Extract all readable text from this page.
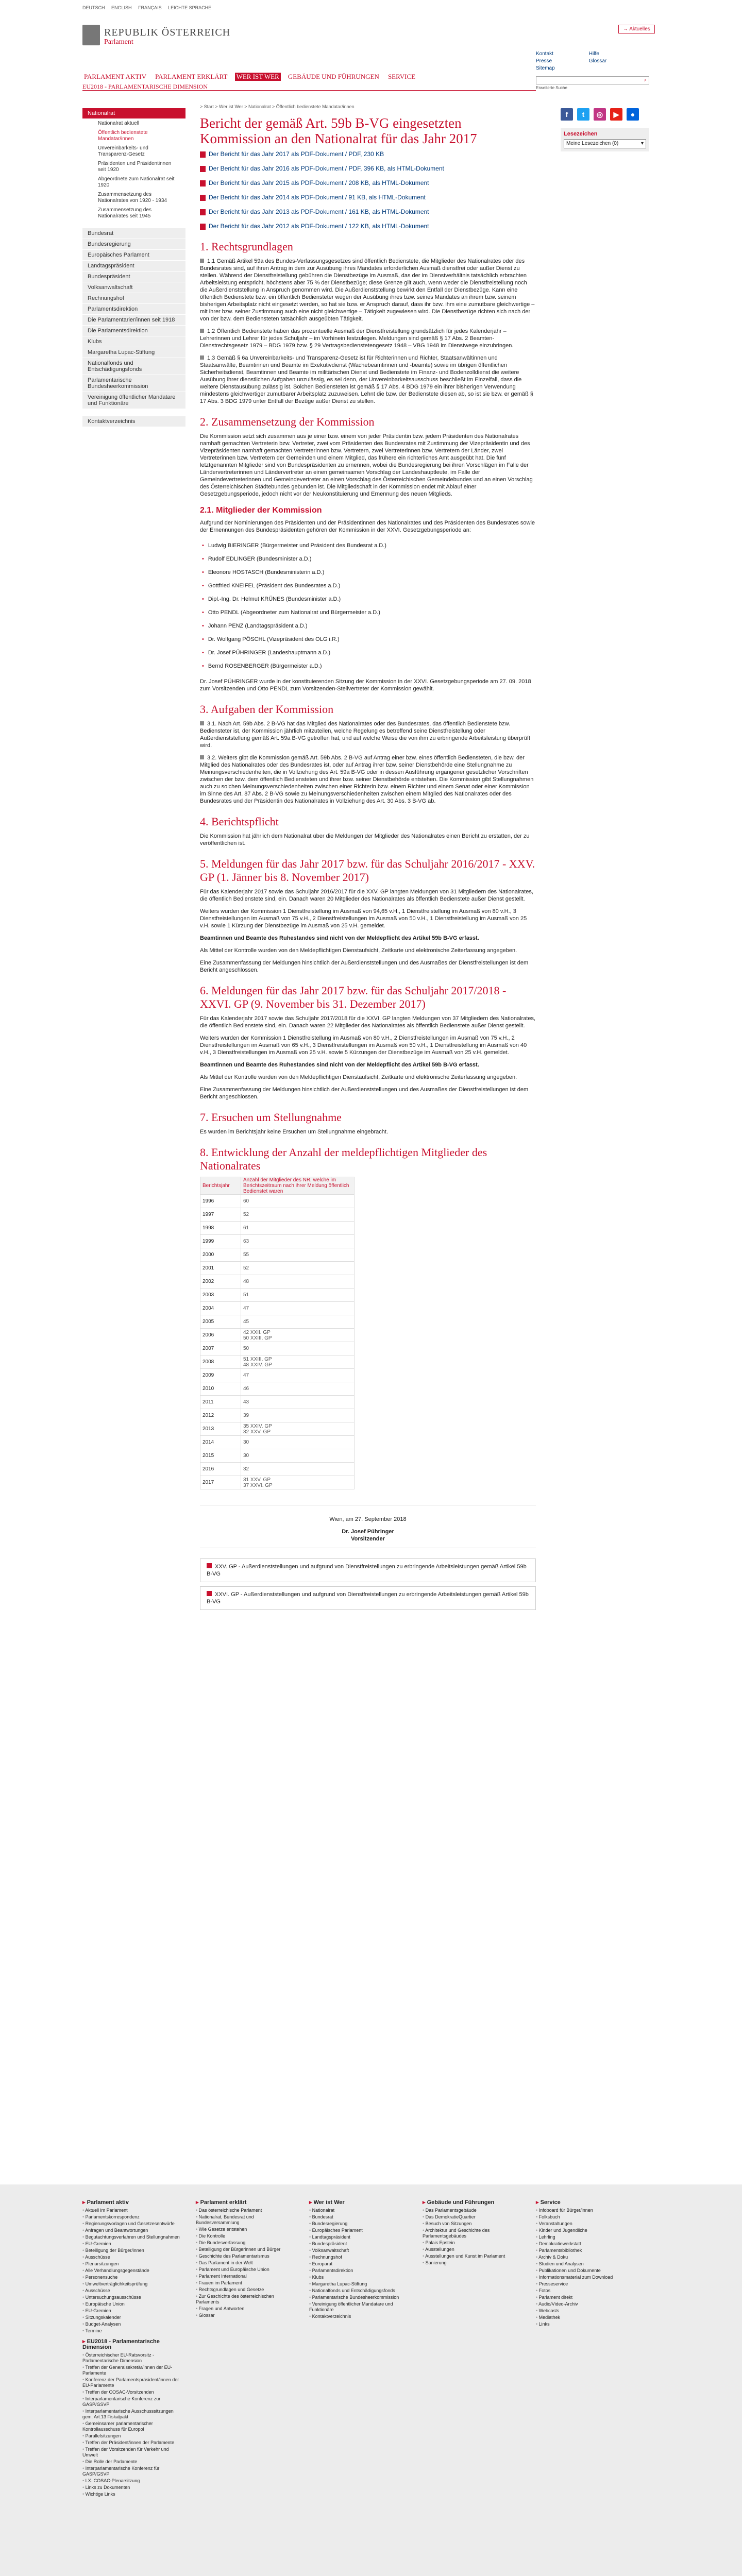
DEUTSCH ENGLISH FRANÇAIS LEICHTE SPRACHE
REPUBLIK ÖSTERREICH
Parlament
→ Aktuelles
Kontakt
Presse
Sitemap Hilfe
Glossar
⌕
Erweiterte Suche
PARLAMENT AKTIV PARLAMENT ERKLÄRT WER IST WER GEBÄUDE UND FÜHRUNGEN SERVICE
EU2018 - PARLAMENTARISCHE DIMENSION
Nationalrat
Nationalrat aktuell
Öffentlich bedienstete Mandatar/innen
Unvereinbarkeits- und Transparenz-Gesetz
Präsidenten und Präsidentinnen seit 1920
Abgeordnete zum Nationalrat seit 1920
Zusammensetzung des Nationalrates von 1920 - 1934
Zusammensetzung des Nationalrates seit 1945
Bundesrat
Bundesregierung
Europäisches Parlament
Landtagspräsident
Bundespräsident
Volksanwaltschaft
Rechnungshof
Parlamentsdirektion
Die Parlamentarier/innen seit 1918
Die Parlamentsdirektion
Klubs
Margaretha Lupac-Stiftung
Nationalfonds und Entschädigungsfonds
Parlamentarische Bundesheerkommission
Vereinigung öffentlicher Mandatare und Funktionäre
Kontaktverzeichnis
> Start > Wer ist Wer > Nationalrat > Öffentlich bedienstete Mandatar/innen
Bericht der gemäß Art. 59b B-VG eingesetzten Kommission an den Nationalrat für das Jahr 2017
Der Bericht für das Jahr 2017 als PDF-Dokument / PDF, 230 KB
Der Bericht für das Jahr 2016 als PDF-Dokument / PDF, 396 KB, als HTML-Dokument
Der Bericht für das Jahr 2015 als PDF-Dokument / 208 KB, als HTML-Dokument
Der Bericht für das Jahr 2014 als PDF-Dokument / 91 KB, als HTML-Dokument
Der Bericht für das Jahr 2013 als PDF-Dokument / 161 KB, als HTML-Dokument
Der Bericht für das Jahr 2012 als PDF-Dokument / 122 KB, als HTML-Dokument
1. Rechtsgrundlagen
1.1 Gemäß Artikel 59a des Bundes-Verfassungsgesetzes sind öffentlich Bedienstete, die Mitglieder des Nationalrates oder des Bundesrates sind, auf ihren Antrag in dem zur Ausübung ihres Mandates erforderlichen Ausmaß dienstfrei oder außer Dienst zu stellen. Während der Dienstfreistellung gebühren die Dienstbezüge im Ausmaß, das der im Dienstverhältnis tatsächlich erbrachten Arbeitsleistung entspricht, höchstens aber 75 % der Dienstbezüge; diese Grenze gilt auch, wenn weder die Dienstfreistellung noch die Außerdienststellung in Anspruch genommen wird. Die Außerdienststellung bewirkt den Entfall der Dienstbezüge. Kann eine öffentlich Bedienstete bzw. ein öffentlich Bediensteter wegen der Ausübung ihres bzw. seines Mandates an ihrem bzw. seinem bisherigen Arbeitsplatz nicht eingesetzt werden, so hat sie bzw. er Anspruch darauf, dass ihr bzw. ihm eine zumutbare gleichwertige – mit ihrer bzw. seiner Zustimmung auch eine nicht gleichwertige – Tätigkeit zugewiesen wird. Die Dienstbezüge richten sich nach der von der bzw. dem Bediensteten tatsächlich ausgeübten Tätigkeit.
1.2 Öffentlich Bedienstete haben das prozentuelle Ausmaß der Dienstfreistellung grundsätzlich für jedes Kalenderjahr – Lehrerinnen und Lehrer für jedes Schuljahr – im Vorhinein festzulegen. Meldungen sind gemäß § 17 Abs. 2 Beamten-Dienstrechtsgesetz 1979 – BDG 1979 bzw. § 29 Vertragsbedienstetengesetz 1948 – VBG 1948 im Dienstwege einzubringen.
1.3 Gemäß § 6a Unvereinbarkeits- und Transparenz-Gesetz ist für Richterinnen und Richter, Staatsanwältinnen und Staatsanwälte, Beamtinnen und Beamte im Exekutivdienst (Wachebeamtinnen und -beamte) sowie im übrigen öffentlichen Sicherheitsdienst, Beamtinnen und Beamte im militärischen Dienst und Bedienstete im Finanz- und Bodenzolldienst die weitere Ausübung ihrer dienstlichen Aufgaben unzulässig, es sei denn, der Unvereinbarkeitsausschuss beschließt im Einzelfall, dass die weitere Dienstausübung zulässig ist. Solchen Bediensteten ist gemäß § 17 Abs. 4 BDG 1979 ein ihrer bisherigen Verwendung mindestens gleichwertiger zumutbarer Arbeitsplatz zuzuweisen. Lehnt die bzw. der Bedienstete diesen ab, so ist sie bzw. er gemäß § 17 Abs. 3 BDG 1979 unter Entfall der Bezüge außer Dienst zu stellen.
2. Zusammensetzung der Kommission

Die Kommission setzt sich zusammen aus je einer bzw. einem von jeder Präsidentin bzw. jedem Präsidenten des Nationalrates namhaft gemachten Vertreterin bzw. Vertreter, zwei vom Präsidenten des Bundesrates mit Zustimmung der Vizepräsidentin und des Vizepräsidenten namhaft gemachten Vertreterinnen bzw. Vertretern, zwei Vertreterinnen bzw. Vertretern der Länder, zwei Vertreterinnen bzw. Vertretern der Gemeinden und einem Mitglied, das frühere ein richterliches Amt ausgeübt hat. Die fünf letztgenannten Mitglieder sind von Bundespräsidenten zu ernennen, wobei die Bundesregierung bei ihren Vorschlägen im Falle der Ländervertreterinnen und Ländervertreter an einen gemeinsamen Vorschlag der Landeshauptleute, im Falle der Gemeindevertreterinnen und Gemeindevertreter an einen Vorschlag des Österreichischen Gemeindebundes und an einen Vorschlag des Österreichischen Städtebundes gebunden ist. Die Mitgliedschaft in der Kommission endet mit Ablauf einer Gesetzgebungsperiode, jedoch nicht vor der Neukonstituierung und Ernennung des neuen Mitglieds.

2.1. Mitglieder der Kommission

Aufgrund der Nominierungen des Präsidenten und der Präsidentinnen des Nationalrates und des Präsidenten des Bundesrates sowie der Ernennungen des Bundespräsidenten gehören der Kommission in der XXVI. Gesetzgebungsperiode an:

• Ludwig BIERINGER (Bürgermeister und Präsident des Bundesrat a.D.)
• Rudolf EDLINGER (Bundesminister a.D.)
• Eleonore HOSTASCH (Bundesministerin a.D.)
• Gottfried KNEIFEL (Präsident des Bundesrates a.D.)
• Dipl.-Ing. Dr. Helmut KRÜNES (Bundesminister a.D.)
• Otto PENDL (Abgeordneter zum Nationalrat und Bürgermeister a.D.)
• Johann PENZ (Landtagspräsident a.D.)
• Dr. Wolfgang PÖSCHL (Vizepräsident des OLG i.R.)
• Dr. Josef PÜHRINGER (Landeshauptmann a.D.)
• Bernd ROSENBERGER (Bürgermeister a.D.)

Dr. Josef PÜHRINGER wurde in der konstituierenden Sitzung der Kommission in der XXVI. Gesetzgebungsperiode am 27. 09. 2018 zum Vorsitzenden und Otto PENDL zum Vorsitzenden-Stellvertreter der Kommission gewählt.

3. Aufgaben der Kommission
3.1. Nach Art. 59b Abs. 2 B-VG hat das Mitglied des Nationalrates oder des Bundesrates, das öffentlich Bedienstete bzw. Bediensteter ist, der Kommission jährlich mitzuteilen, welche Regelung es betreffend seine Dienstfreistellung oder Außerdienststellung gemäß Art. 59a B-VG getroffen hat, und auf welche Weise die von ihm zu erbringende Arbeitsleistung überprüft wird.
3.2. Weiters gibt die Kommission gemäß Art. 59b Abs. 2 B-VG auf Antrag einer bzw. eines öffentlich Bediensteten, die bzw. der Mitglied des Nationalrates oder des Bundesrates ist, oder auf Antrag ihrer bzw. seiner Dienstbehörde eine Stellungnahme zu Meinungsverschiedenheiten, die in Vollziehung des Art. 59a B-VG oder in dessen Ausführung ergangener gesetzlicher Vorschriften zwischen der bzw. dem öffentlich Bediensteten und ihrer bzw. seiner Dienstbehörde entstehen. Die Kommission gibt Stellungnahmen auch zu solchen Meinungsverschiedenheiten zwischen einer Richterin bzw. einem Richter und einem Senat oder einer Kommission im Sinne des Art. 87 Abs. 2 B-VG sowie zu Meinungsverschiedenheiten zwischen einem Mitglied des Nationalrates oder des Bundesrates und der Präsidentin des Nationalrates in Vollziehung des Art. 30 Abs. 3 B-VG ab.
4. Berichtspflicht

Die Kommission hat jährlich dem Nationalrat über die Meldungen der Mitglieder des Nationalrates einen Bericht zu erstatten, der zu veröffentlichen ist.

5. Meldungen für das Jahr 2017 bzw. für das Schuljahr 2016/2017 - XXV. GP (1. Jänner bis 8. November 2017)

Für das Kalenderjahr 2017 sowie das Schuljahr 2016/2017 für die XXV. GP langten Meldungen von 31 Mitgliedern des Nationalrates, die öffentlich Bedienstete sind, ein. Danach waren 20 Mitglieder des Nationalrates als öffentlich Bedienstete außer Dienst gestellt.

Weiters wurden der Kommission 1 Dienstfreistellung im Ausmaß von 94,65 v.H., 1 Dienstfreistellung im Ausmaß von 80 v.H., 3 Dienstfreistellungen im Ausmaß von 75 v.H., 2 Dienstfreistellungen im Ausmaß von 50 v.H., 1 Dienstfreistellung im Ausmaß von 25 v.H. sowie 1 Kürzung der Dienstbezüge im Ausmaß von 25 v.H. gemeldet.

Beamtinnen und Beamte des Ruhestandes sind nicht von der Meldepflicht des Artikel 59b B-VG erfasst.

Als Mittel der Kontrolle wurden von den Meldepflichtigen Dienstaufsicht, Zeitkarte und elektronische Zeiterfassung angegeben.

Eine Zusammenfassung der Meldungen hinsichtlich der Außerdienststellungen und des Ausmaßes der Dienstfreistellungen ist dem Bericht angeschlossen.

6. Meldungen für das Jahr 2017 bzw. für das Schuljahr 2017/2018 - XXVI. GP (9. November bis 31. Dezember 2017)

Für das Kalenderjahr 2017 sowie das Schuljahr 2017/2018 für die XXVI. GP langten Meldungen von 37 Mitgliedern des Nationalrates, die öffentlich Bedienstete sind, ein. Danach waren 22 Mitglieder des Nationalrates als öffentlich Bedienstete außer Dienst gestellt.

Weiters wurden der Kommission 1 Dienstfreistellung im Ausmaß von 80 v.H., 2 Dienstfreistellungen im Ausmaß von 75 v.H., 2 Dienstfreistellungen im Ausmaß von 65 v.H., 3 Dienstfreistellungen im Ausmaß von 50 v.H., 1 Dienstfreistellung im Ausmaß von 40 v.H., 3 Dienstfreistellungen im Ausmaß von 25 v.H. sowie 5 Kürzungen der Dienstbezüge im Ausmaß von 25 v.H. gemeldet.

Beamtinnen und Beamte des Ruhestandes sind nicht von der Meldepflicht des Artikel 59b B-VG erfasst.

Als Mittel der Kontrolle wurden von den Meldepflichtigen Dienstaufsicht, Zeitkarte und elektronische Zeiterfassung angegeben.

Eine Zusammenfassung der Meldungen hinsichtlich der Außerdienststellungen und des Ausmaßes der Dienstfreistellungen ist dem Bericht angeschlossen.

7. Ersuchen um Stellungnahme

Es wurden im Berichtsjahr keine Ersuchen um Stellungnahme eingebracht.

8. Entwicklung der Anzahl der meldepflichtigen Mitglieder des Nationalrates
Berichtsjahr	Anzahl der Mitglieder des NR, welche im Berichtszeitraum nach ihrer Meldung öffentlich Bedienstet waren
1996	60
1997	52
1998	61
1999	63
2000	55
2001	52
2002	48
2003	51
2004	47
2005	45
2006	42 XXII. GP
50 XXIII. GP
2007	50
2008	51 XXIII. GP
48 XXIV. GP
2009	47
2010	46
2011	43
2012	39
2013	35 XXIV. GP
32 XXV. GP
2014	30
2015	30
2016	32
2017	31 XXV. GP
37 XXVI. GP

Wien, am 27. September 2018

Dr. Josef Pühringer

Vorsitzender

XXV. GP - Außerdienststellungen und aufgrund von Dienstfreistellungen zu erbringende Arbeitsleistungen gemäß Artikel 59b B-VG
XXVI. GP - Außerdienststellungen und aufgrund von Dienstfreistellungen zu erbringende Arbeitsleistungen gemäß Artikel 59b B-VG
f t ◎ ▶ ●
Lesezeichen
Meine Lesezeichen (0)	▾
▸ Parlament aktiv
• Aktuell im Parlament
• Parlamentskorrespondenz
• Regierungsvorlagen und Gesetzesentwürfe
• Anfragen und Beantwortungen
• Begutachtungsverfahren und Stellungnahmen
• EU-Gremien
• Beteiligung der Bürger/innen
• Ausschüsse
• Plenarsitzungen
• Alle Verhandlungsgegenstände
• Personensuche
• Umweltverträglichkeitsprüfung
• Ausschüsse
• Untersuchungsausschüsse
• Europäische Union
• EU-Gremien
• Sitzungskalender
• Budget-Analysen
• Termine
▸ Parlament erklärt
• Das österreichische Parlament
• Nationalrat, Bundesrat und Bundesversammlung
• Wie Gesetze entstehen
• Die Kontrolle
• Die Bundesverfassung
• Beteiligung der Bürgerinnen und Bürger
• Geschichte des Parlamentarismus
• Das Parlament in der Welt
• Parlament und Europäische Union
• Parlament International
• Frauen im Parlament
• Rechtsgrundlagen und Gesetze
• Zur Geschichte des österreichischen Parlaments
• Fragen und Antworten
• Glossar
▸ Wer ist Wer
• Nationalrat
• Bundesrat
• Bundesregierung
• Europäisches Parlament
• Landtagspräsident
• Bundespräsident
• Volksanwaltschaft
• Rechnungshof
• Europarat
• Parlamentsdirektion
• Klubs
• Margaretha Lupac-Stiftung
• Nationalfonds und Entschädigungsfonds
• Parlamentarische Bundesheerkommission
• Vereinigung öffentlicher Mandatare und Funktionäre
• Kontaktverzeichnis
▸ Gebäude und Führungen
• Das Parlamentsgebäude
• Das DemokratieQuartier
• Besuch von Sitzungen
• Architektur und Geschichte des Parlamentsgebäudes
• Palais Epstein
• Ausstellungen
• Ausstellungen und Kunst im Parlament
• Sanierung
▸ Service
• Infoboard für Bürger/innen
• Folksbuch
• Veranstaltungen
• Kinder und Jugendliche
• Lehrling
• Demokratiewerkstatt
• Parlamentsbibliothek
• Archiv & Doku
• Studien und Analysen
• Publikationen und Dokumente
• Informationsmaterial zum Download
• Presseservice
• Fotos
• Parlament direkt
• Audio/Video-Archiv
• Webcasts
• Mediathek
• Links
▸ EU2018 - Parlamentarische Dimension
• Österreichischer EU-Ratsvorsitz - Parlamentarische Dimension
• Treffen der Generalsekretär/innen der EU-Parlamente
• Konferenz der Parlamentspräsident/innen der EU-Parlamente
• Treffen der COSAC-Vorsitzenden
• Interparlamentarische Konferenz zur GASP/GSVP
• Interparlamentarische Ausschusssitzungen gem. Art.13 Fiskalpakt
• Gemeinsamer parlamentarischer Kontrollausschuss für Europol
• Parallelsitzungen
• Treffen der Präsident/innen der Parlamente
• Treffen der Vorsitzenden für Verkehr und Umwelt
• Die Rolle der Parlamente
• Interparlamentarische Konferenz für GASP/GSVP
• LX. COSAC-Plenarsitzung
• Links zu Dokumenten
• Wichtige Links
